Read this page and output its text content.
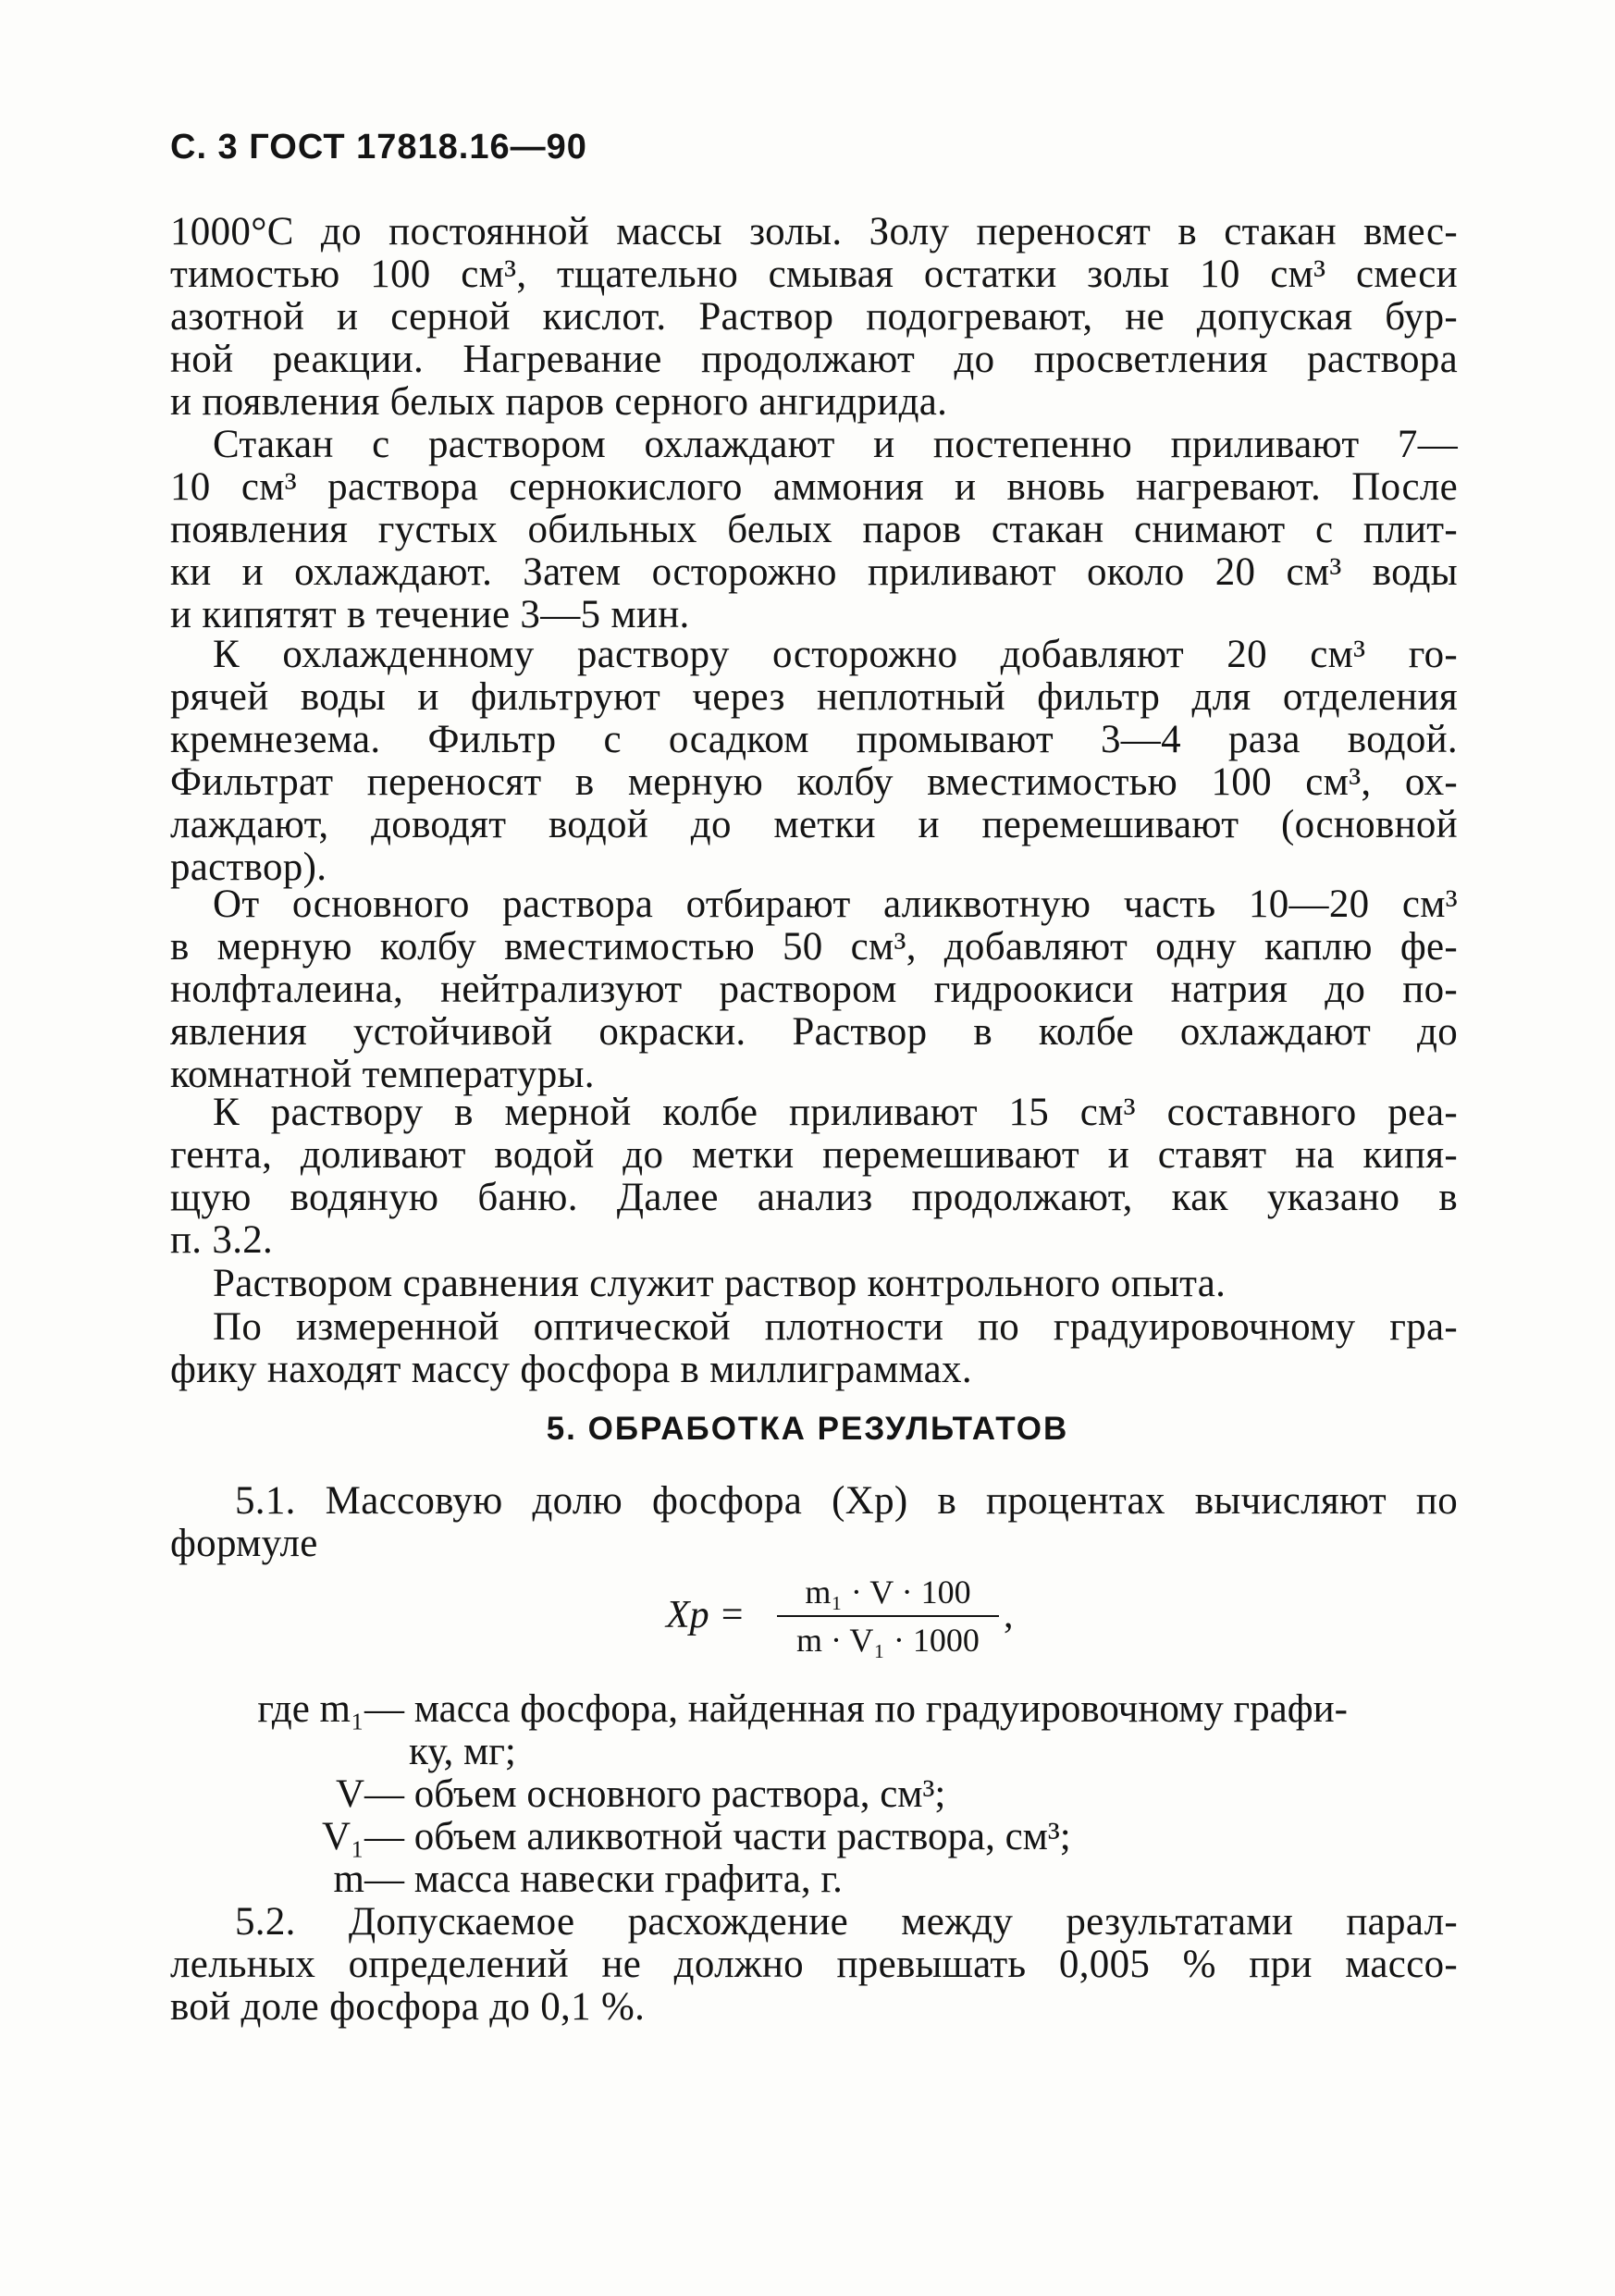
С. 3 ГОСТ 17818.16—90
1000°С до постоянной массы золы. Золу переносят в стакан вмес-
тимостью 100 см³, тщательно смывая остатки золы 10 см³ смеси
азотной и серной кислот. Раствор подогревают, не допуская бур-
ной реакции. Нагревание продолжают до просветления раствора
и появления белых паров серного ангидрида.
Стакан с раствором охлаждают и постепенно приливают 7—
10 см³ раствора сернокислого аммония и вновь нагревают. После
появления густых обильных белых паров стакан снимают с плит-
ки и охлаждают. Затем осторожно приливают около 20 см³ воды
и кипятят в течение 3—5 мин.
К охлажденному раствору осторожно добавляют 20 см³ го-
рячей воды и фильтруют через неплотный фильтр для отделения
кремнезема. Фильтр с осадком промывают 3—4 раза водой.
Фильтрат переносят в мерную колбу вместимостью 100 см³, ох-
лаждают, доводят водой до метки и перемешивают (основной
раствор).
От основного раствора отбирают аликвотную часть 10—20 см³
в мерную колбу вместимостью 50 см³, добавляют одну каплю фе-
нолфталеина, нейтрализуют раствором гидроокиси натрия до по-
явления устойчивой окраски. Раствор в колбе охлаждают до
комнатной температуры.
К раствору в мерной колбе приливают 15 см³ составного реа-
гента, доливают водой до метки перемешивают и ставят на кипя-
щую водяную баню. Далее анализ продолжают, как указано в
п. 3.2.
Раствором сравнения служит раствор контрольного опыта.
По измеренной оптической плотности по градуировочному гра-
фику находят массу фосфора в миллиграммах.
5. ОБРАБОТКА РЕЗУЛЬТАТОВ
5.1. Массовую долю фосфора (Xр) в процентах вычисляют по
формуле
Xр = $\frac{\text{m₁ · V · 100}}{\text{m · V₁ · 1000}}$ ,
где m₁ — масса фосфора, найденная по градуировочному графи-
ку, мг;
V — объем основного раствора, см³;
V₁ — объем аликвотной части раствора, см³;
m — масса навески графита, г.
5.2. Допускаемое расхождение между результатами парал-
лельных определений не должно превышать 0,005 % при массо-
вой доле фосфора до 0,1 %.
